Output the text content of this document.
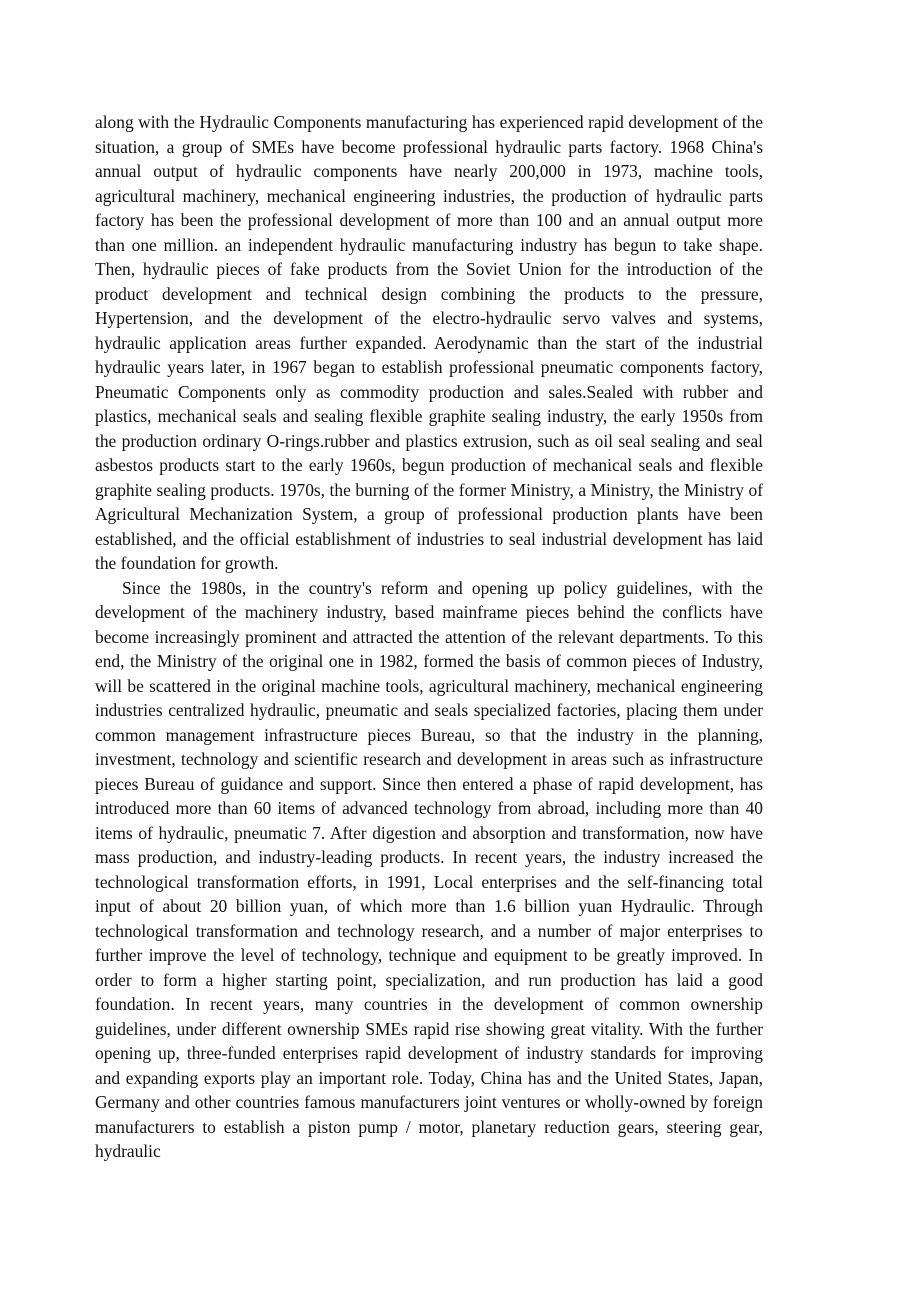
along with the Hydraulic Components manufacturing has experienced rapid development of the situation, a group of SMEs have become professional hydraulic parts factory. 1968 China's annual output of hydraulic components have nearly 200,000 in 1973, machine tools, agricultural machinery, mechanical engineering industries, the production of hydraulic parts factory has been the professional development of more than 100 and an annual output more than one million. an independent hydraulic manufacturing industry has begun to take shape. Then, hydraulic pieces of fake products from the Soviet Union for the introduction of the product development and technical design combining the products to the pressure, Hypertension, and the development of the electro-hydraulic servo valves and systems, hydraulic application areas further expanded. Aerodynamic than the start of the industrial hydraulic years later, in 1967 began to establish professional pneumatic components factory, Pneumatic Components only as commodity production and sales.Sealed with rubber and plastics, mechanical seals and sealing flexible graphite sealing industry, the early 1950s from the production ordinary O-rings.rubber and plastics extrusion, such as oil seal sealing and seal asbestos products start to the early 1960s, begun production of mechanical seals and flexible graphite sealing products. 1970s, the burning of the former Ministry, a Ministry, the Ministry of Agricultural Mechanization System, a group of professional production plants have been established, and the official establishment of industries to seal industrial development has laid the foundation for growth.

Since the 1980s, in the country's reform and opening up policy guidelines, with the development of the machinery industry, based mainframe pieces behind the conflicts have become increasingly prominent and attracted the attention of the relevant departments. To this end, the Ministry of the original one in 1982, formed the basis of common pieces of Industry, will be scattered in the original machine tools, agricultural machinery, mechanical engineering industries centralized hydraulic, pneumatic and seals specialized factories, placing them under common management infrastructure pieces Bureau, so that the industry in the planning, investment, technology and scientific research and development in areas such as infrastructure pieces Bureau of guidance and support. Since then entered a phase of rapid development, has introduced more than 60 items of advanced technology from abroad, including more than 40 items of hydraulic, pneumatic 7. After digestion and absorption and transformation, now have mass production, and industry-leading products. In recent years, the industry increased the technological transformation efforts, in 1991, Local enterprises and the self-financing total input of about 20 billion yuan, of which more than 1.6 billion yuan Hydraulic. Through technological transformation and technology research, and a number of major enterprises to further improve the level of technology, technique and equipment to be greatly improved. In order to form a higher starting point, specialization, and run production has laid a good foundation. In recent years, many countries in the development of common ownership guidelines, under different ownership SMEs rapid rise showing great vitality. With the further opening up, three-funded enterprises rapid development of industry standards for improving and expanding exports play an important role. Today, China has and the United States, Japan, Germany and other countries famous manufacturers joint ventures or wholly-owned by foreign manufacturers to establish a piston pump / motor, planetary reduction gears, steering gear, hydraulic
